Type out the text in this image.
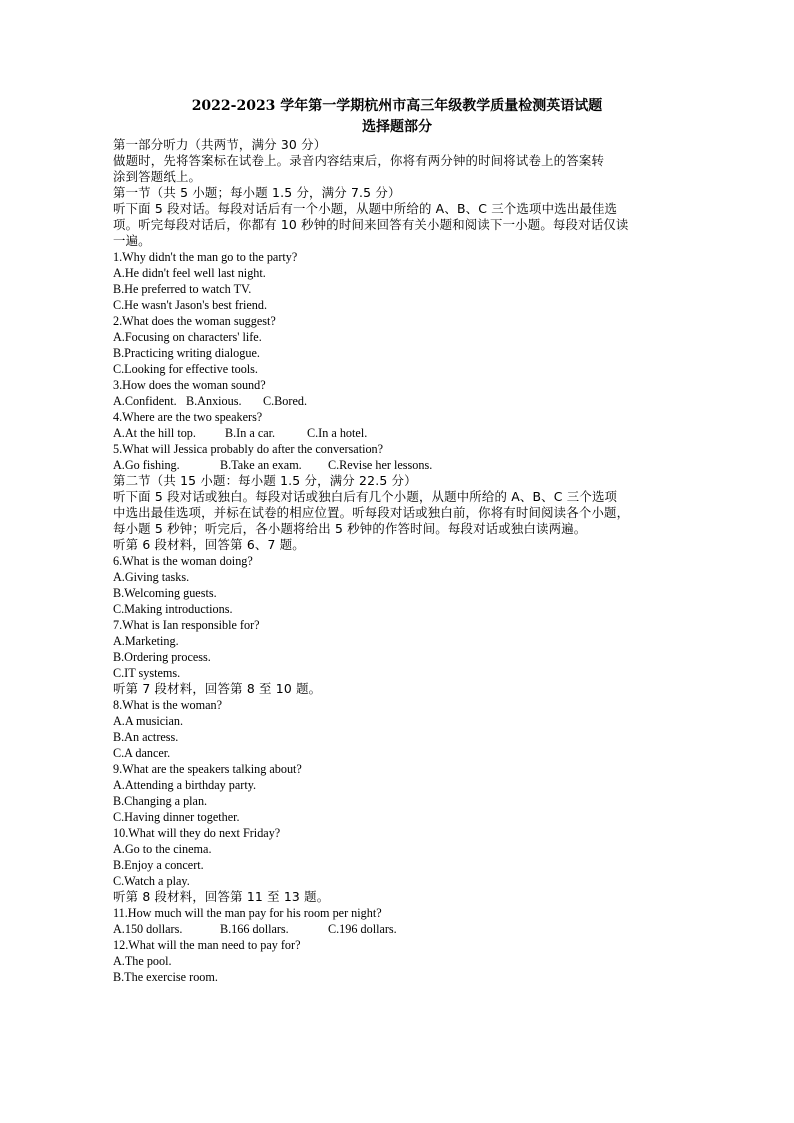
2022-2023 学年第一学期杭州市高三年级教学质量检测英语试题
选择题部分
第一部分听力（共两节，满分 30 分）
做题时，先将答案标在试卷上。录音内容结束后，你将有两分钟的时间将试卷上的答案转
涂到答题纸上。
第一节（共 5 小题；每小题 1.5 分，满分 7.5 分）
听下面 5 段对话。每段对话后有一个小题，从题中所给的 A、B、C 三个选项中选出最佳选
项。听完每段对话后，你都有 10 秒钟的时间来回答有关小题和阅读下一小题。每段对话仅读
一遍。
1.Why didn't the man go to the party?
A.He didn't feel well last night.
B.He preferred to watch TV.
C.He wasn't Jason's best friend.
2.What does the woman suggest?
A.Focusing on characters' life.
B.Practicing writing dialogue.
C.Looking for effective tools.
3.How does the woman sound?
A.Confident. B.Anxious. C.Bored.
4.Where are the two speakers?
A.At the hill top. B.In a car.	C.In a hotel.
5.What will Jessica probably do after the conversation?
A.Go fishing.	B.Take an exam. C.Revise her lessons.
第二节（共 15 小题：每小题 1.5 分，满分 22.5 分）
听下面 5 段对话或独白。每段对话或独白后有几个小题，从题中所给的 A、B、C 三个选项
中选出最佳选项，并标在试卷的相应位置。听每段对话或独白前，你将有时间阅读各个小题，
每小题 5 秒钟；听完后，各小题将给出 5 秒钟的作答时间。每段对话或独白读两遍。
听第 6 段材料，回答第 6、7 题。
6.What is the woman doing?
A.Giving tasks.
B.Welcoming guests.
C.Making introductions.
7.What is Ian responsible for?
A.Marketing.
B.Ordering process.
C.IT systems.
听第 7 段材料，回答第 8 至 10 题。
8.What is the woman?
A.A musician.
B.An actress.
C.A dancer.
9.What are the speakers talking about?
A.Attending a birthday party.
B.Changing a plan.
C.Having dinner together.
10.What will they do next Friday?
A.Go to the cinema.
B.Enjoy a concert.
C.Watch a play.
听第 8 段材料，回答第 11 至 13 题。
11.How much will the man pay for his room per night?
A.150 dollars.	B.166 dollars.	C.196 dollars.
12.What will the man need to pay for?
A.The pool.
B.The exercise room.
